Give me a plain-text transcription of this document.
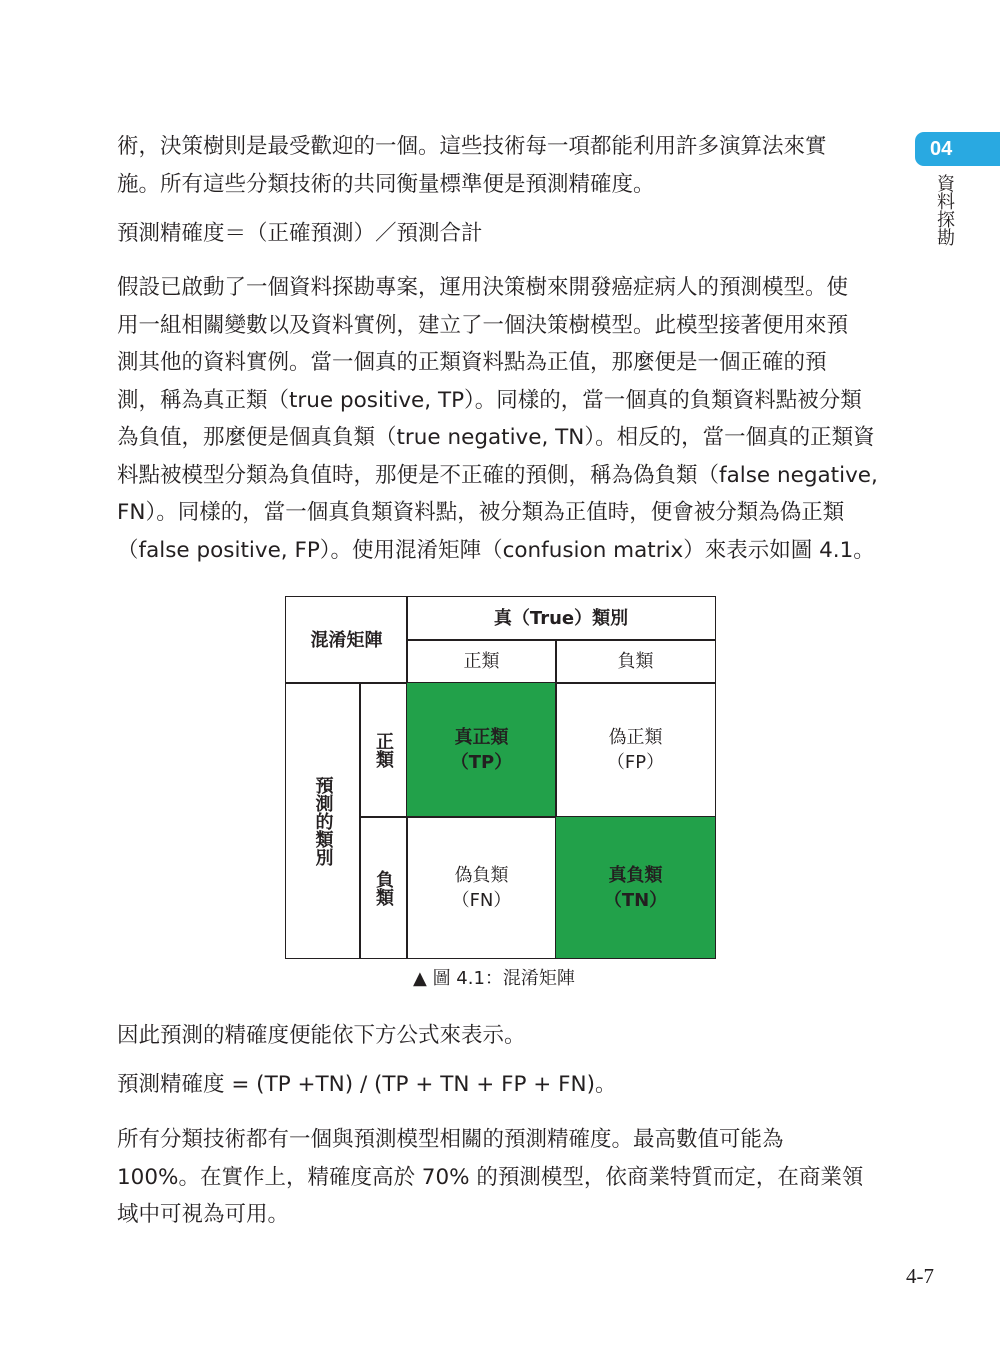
04
資料探勘

術，決策樹則是最受歡迎的一個。這些技術每一項都能利用許多演算法來實
施。所有這些分類技術的共同衡量標準便是預測精確度。

預測精確度＝（正確預測）／預測合計

假設已啟動了一個資料探勘專案，運用決策樹來開發癌症病人的預測模型。使
用一組相關變數以及資料實例，建立了一個決策樹模型。此模型接著便用來預
測其他的資料實例。當一個真的正類資料點為正值，那麼便是一個正確的預
測，稱為真正類（true positive, TP）。同樣的，當一個真的負類資料點被分類
為負值，那麼便是個真負類（true negative, TN）。相反的，當一個真的正類資
料點被模型分類為負值時，那便是不正確的預側，稱為偽負類（false negative,
FN）。同樣的，當一個真負類資料點，被分類為正值時，便會被分類為偽正類
（false positive, FP）。使用混淆矩陣（confusion matrix）來表示如圖 4.1。

混淆矩陣
真（True）類別
正類	負類
預測的類別
正類
負類
真正類
（TP）
偽正類
（FP）
偽負類
（FN）
真負類
（TN）
▲ 圖 4.1：混淆矩陣

因此預測的精確度便能依下方公式來表示。

預測精確度 = (TP +TN) / (TP + TN + FP + FN)。

所有分類技術都有一個與預測模型相關的預測精確度。最高數值可能為
100%。在實作上，精確度高於 70% 的預測模型，依商業特質而定，在商業領
域中可視為可用。

4-7
